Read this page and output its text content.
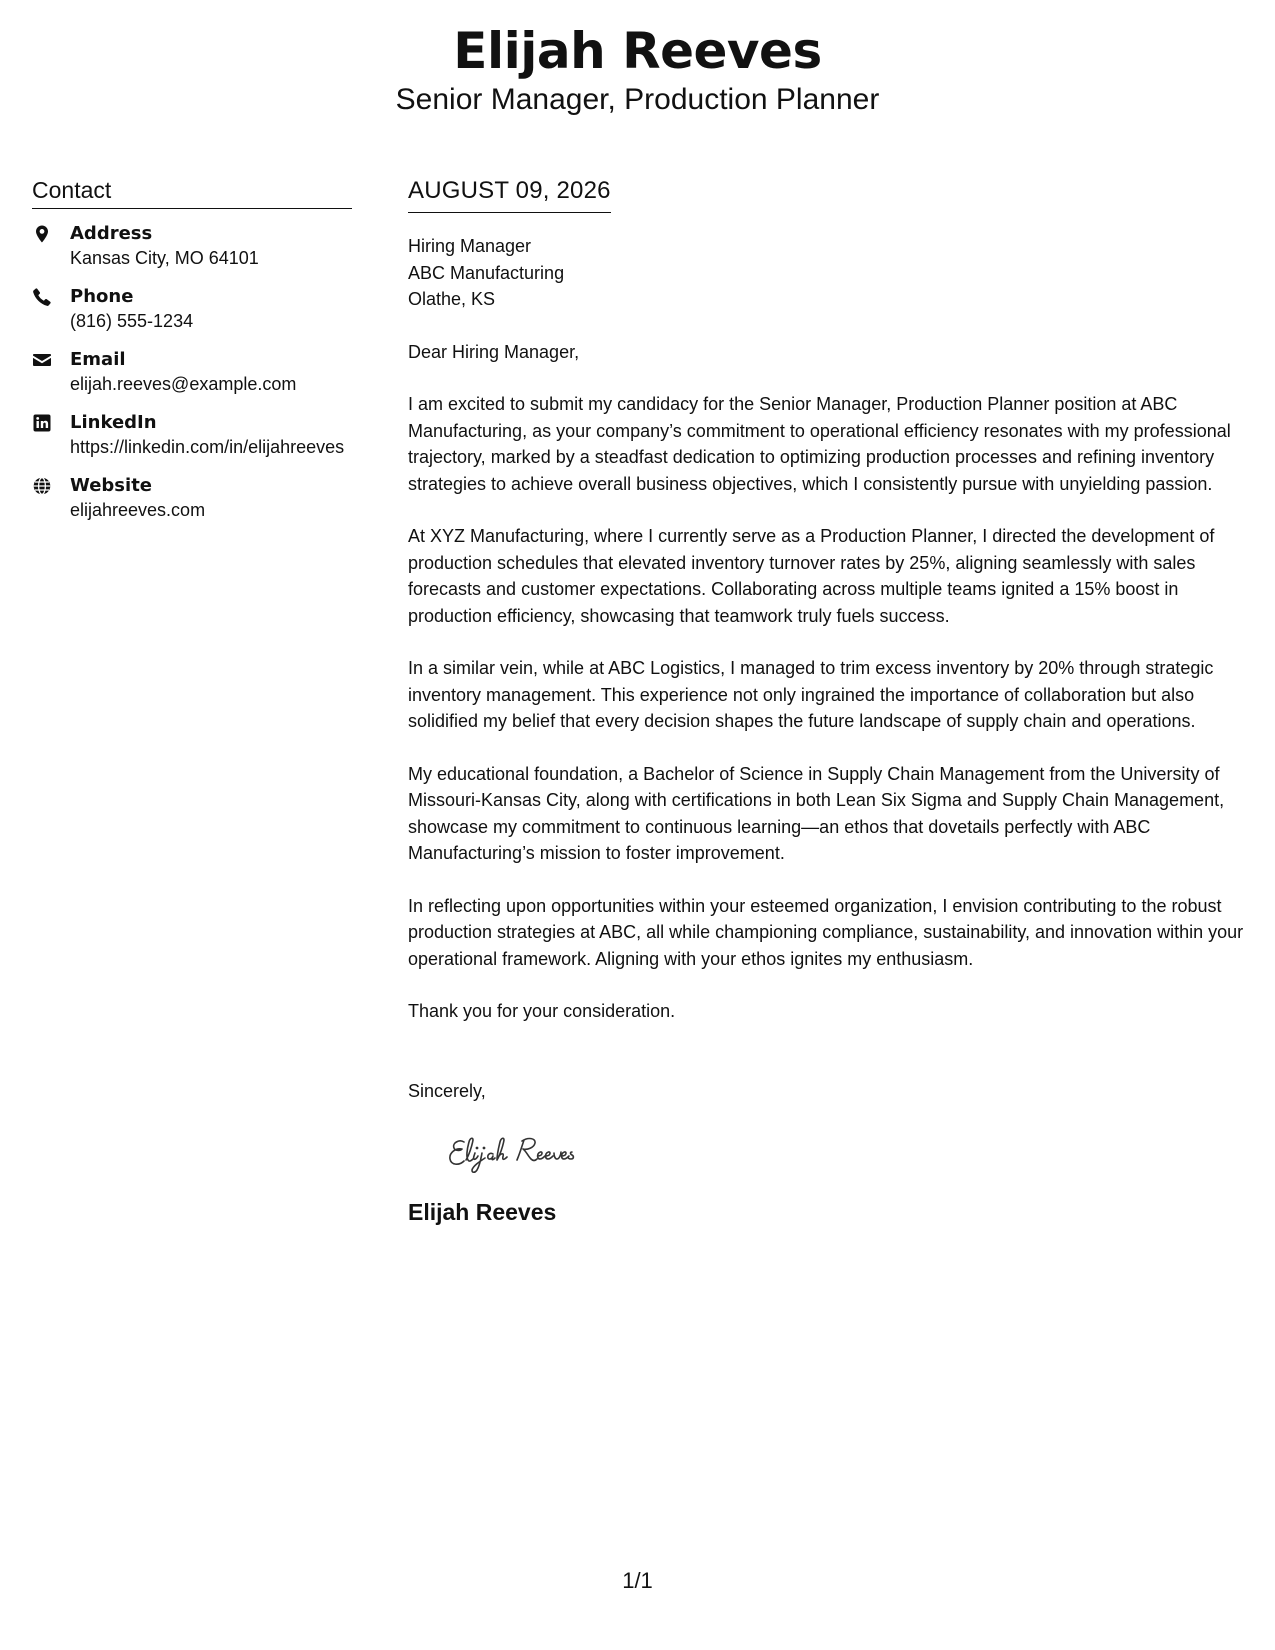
Elijah Reeves
Senior Manager, Production Planner
Contact
Address
Kansas City, MO 64101
Phone
(816) 555-1234
Email
elijah.reeves@example.com
LinkedIn
https://linkedin.com/in/elijahreeves
Website
elijahreeves.com
AUGUST 09, 2026
Hiring Manager
ABC Manufacturing
Olathe, KS

Dear Hiring Manager,

I am excited to submit my candidacy for the Senior Manager, Production Planner position at ABC Manufacturing, as your company’s commitment to operational efficiency resonates with my professional trajectory, marked by a steadfast dedication to optimizing production processes and refining inventory strategies to achieve overall business objectives, which I consistently pursue with unyielding passion.

At XYZ Manufacturing, where I currently serve as a Production Planner, I directed the development of production schedules that elevated inventory turnover rates by 25%, aligning seamlessly with sales forecasts and customer expectations. Collaborating across multiple teams ignited a 15% boost in production efficiency, showcasing that teamwork truly fuels success.

In a similar vein, while at ABC Logistics, I managed to trim excess inventory by 20% through strategic inventory management. This experience not only ingrained the importance of collaboration but also solidified my belief that every decision shapes the future landscape of supply chain and operations.

My educational foundation, a Bachelor of Science in Supply Chain Management from the University of Missouri-Kansas City, along with certifications in both Lean Six Sigma and Supply Chain Management, showcase my commitment to continuous learning—an ethos that dovetails perfectly with ABC Manufacturing’s mission to foster improvement.

In reflecting upon opportunities within your esteemed organization, I envision contributing to the robust production strategies at ABC, all while championing compliance, sustainability, and innovation within your operational framework. Aligning with your ethos ignites my enthusiasm.

Thank you for your consideration.

Sincerely,

Elijah Reeves
1/1
